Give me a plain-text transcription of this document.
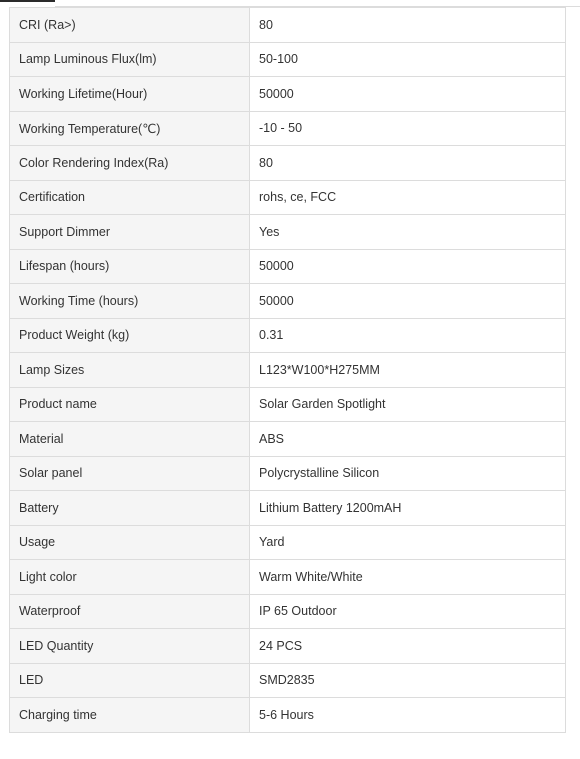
CRI (Ra>)	80
Lamp Luminous Flux(lm)	50-100
Working Lifetime(Hour)	50000
Working Temperature(℃)	-10 - 50
Color Rendering Index(Ra)	80
Certification	rohs, ce, FCC
Support Dimmer	Yes
Lifespan (hours)	50000
Working Time (hours)	50000
Product Weight (kg)	0.31
Lamp Sizes	L123*W100*H275MM
Product name	Solar Garden Spotlight
Material	ABS
Solar panel	Polycrystalline Silicon
Battery	Lithium Battery 1200mAH
Usage	Yard
Light color	Warm White/White
Waterproof	IP 65 Outdoor
LED Quantity	24 PCS
LED	SMD2835
Charging time	5-6 Hours
